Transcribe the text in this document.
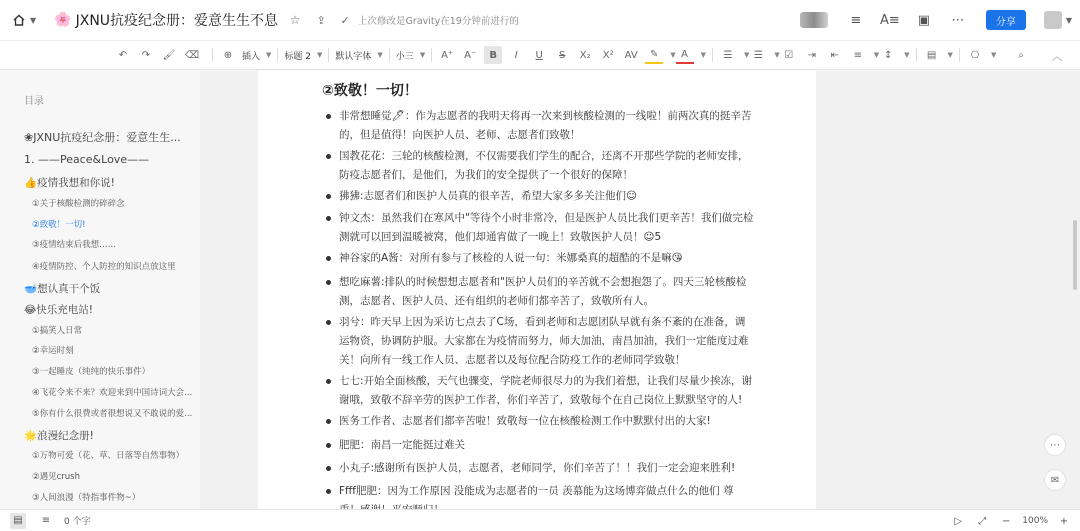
▼ 🌸 JXNU抗疫纪念册：爱意生生不息 ☆	⇪	✓ 上次修改是Gravity在19分钟前进行的	≡	A≡ ▣ ⋯	分享	▼
↶	↷	🖌 ⌫	⊕	插入 ▼ 标题 2 ▼ 默认字体 ▼ 小三 ▼ A⁺ A⁻	B	I	U	S	X₂	X²	AV	✎	▼ A	▼	☰	▼ ☰	▼ ☑	⇥	⇤	≡	▼ ↕	▼	▤	▼	⎔	▼	⌕	︿
目录
❀JXNU抗疫纪念册：爱意生生...
1. ——Peace&Love——
👍疫情我想和你说!
①关于核酸检测的碎碎念
②致敬！一切!
③疫情结束后我想……
④疫情防控、个人防控的知识点放这里
🥣想认真干个饭
😂快乐充电站!
①搞笑人日常
②幸运时刻
③一起睡皮（纯纯的快乐事件）
④飞花令来不来？欢迎来到中国诗词大会...
⑤你有什么很费或者很想说又不敢说的爱...
🌟浪漫纪念册!
①万物可爱（花、草、日落等自然事物）
②遇见crush
③人间浪漫（特指事件物~）
②致敬！一切！
非常想睡觉🖊：作为志愿者的我明天将再一次来到核酸检测的一线啦！前两次真的挺辛苦
的，但是值得！向医护人员、老师、志愿者们致敬！
国教花花：三轮的核酸检测，不仅需要我们学生的配合，还离不开那些学院的老师安排，
防疫志愿者们，是他们，为我们的安全提供了一个很好的保障！
狒狒:志愿者们和医护人员真的很辛苦，希望大家多多关注他们☺
钟文杰：虽然我们在寒风中"等待个小时非常冷，但是医护人员比我们更辛苦！我们做完检
测就可以回到温暖被窝，他们却通宵做了一晚上！致敬医护人员！☺5
神谷家的A酱：对所有参与了核检的人说一句：米娜桑真的超酷的不是嘛😘
想吃麻薯:排队的时候想想志愿者和"医护人员们的辛苦就不会想抱怨了。四天三轮核酸检
测，志愿者、医护人员、还有组织的老师们都辛苦了，致敬所有人。
羽兮：昨天早上因为采访七点去了C场，看到老师和志愿团队早就有条不紊的在准备，调
运物资，协调防护服。大家都在为疫情而努力，师大加油，南昌加油，我们一定能度过难
关！向所有一线工作人员、志愿者以及每位配合防疫工作的老师同学致敬！
七七:开始全面核酸，天气也骤变，学院老师很尽力的为我们着想，让我们尽量少挨冻，谢
谢哦，致敬不辞辛劳的医护工作者，你们辛苦了，致敬每个在自己岗位上默默坚守的人!
医务工作者、志愿者们都辛苦啦！致敬每一位在核酸检测工作中默默付出的大家!
肥肥：南昌一定能挺过难关
小丸子:感谢所有医护人员，志愿者，老师同学，你们辛苦了！！我们一定会迎来胜利!
Ffff肥肥：因为工作原因 没能成为志愿者的一员 羡慕能为这场博弈做点什么的他们 尊
⋯
✉
▤	≡	0 个字	▷	⤢	−	100%	+
